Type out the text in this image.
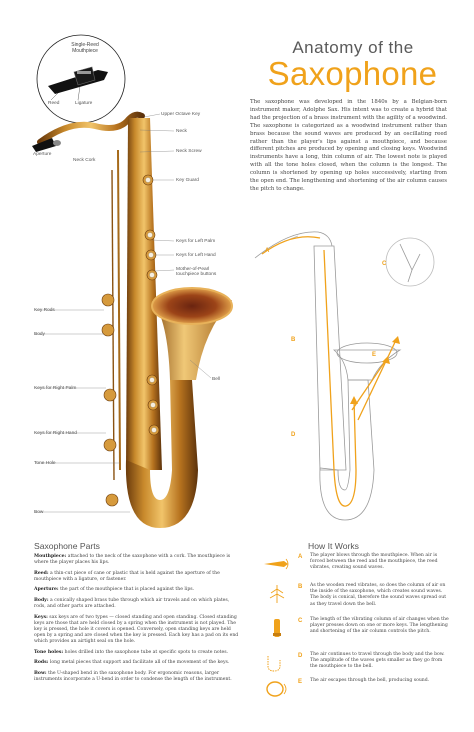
A
B
C
D
E
Single-Reed
Mouthpiece
Reed	Ligature
Aperture
Neck Cork
Upper Octave Key
Neck
Neck Screw
Key Guard
Keys for Left Palm
Keys for Left Hand
Mother-of-Pearl
touchpiece buttons
Key Rods
Body
Bell
Keys for Right Palm
Keys for Right Hand
Tone Hole
Bow
Anatomy of the
Saxophone

The saxophone was developed in the 1840s by a Belgian-born instrument maker, Adolphe Sax. His intent was to create a hybrid that had the projection of a brass instrument with the agility of a woodwind. The saxophone is categorized as a woodwind instrument rather than brass because the sound waves are produced by an oscillating reed rather than the player's lips against a mouthpiece, and because different pitches are produced by opening and closing keys. Woodwind instruments have a long, thin column of air. The lowest note is played with all the tone holes closed, when the column is the longest. The column is shortened by opening up holes successively, starting from the open end. The lengthening and shortening of the air column causes the pitch to change.

Saxophone Parts
Mouthpiece: attached to the neck of the saxophone with a cork. The mouthpiece is where the player places his lips.
Reed: a thin-cut piece of cane or plastic that is held against the aperture of the mouthpiece with a ligature, or fastener.
Aperture: the part of the mouthpiece that is placed against the lips.
Body: a conically shaped brass tube through which air travels and on which plates, rods, and other parts are attached.
Keys: sax keys are of two types — closed standing and open standing. Closed standing keys are those that are held closed by a spring when the instrument is not played. The key is pressed, the hole it covers is opened. Conversely, open standing keys are held open by a spring and are closed when the key is pressed. Each key has a pad on its end which provides an airtight seal on the hole.
Tone holes: holes drilled into the saxophone tube at specific spots to create notes.
Rods: long metal pieces that support and facilitate all of the movement of the keys.
Bow: the U-shaped bend in the saxophone body. For ergonomic reasons, larger instruments incorporate a U-bend in order to condense the length of the instrument.
How It Works
A The player blows through the mouthpiece. When air is forced between the reed and the mouthpiece, the reed vibrates, creating sound waves.

B As the wooden reed vibrates, so does the column of air on the inside of the saxophone, which creates sound waves. The body is conical, therefore the sound waves spread out as they travel down the bell.

C The length of the vibrating column of air changes when the player presses down on one or more keys. The lengthening and shortening of the air column controls the pitch.

D The air continues to travel through the body and the bow. The amplitude of the waves gets smaller as they go from the mouthpiece to the bell.

E The air escapes through the bell, producing sound.
